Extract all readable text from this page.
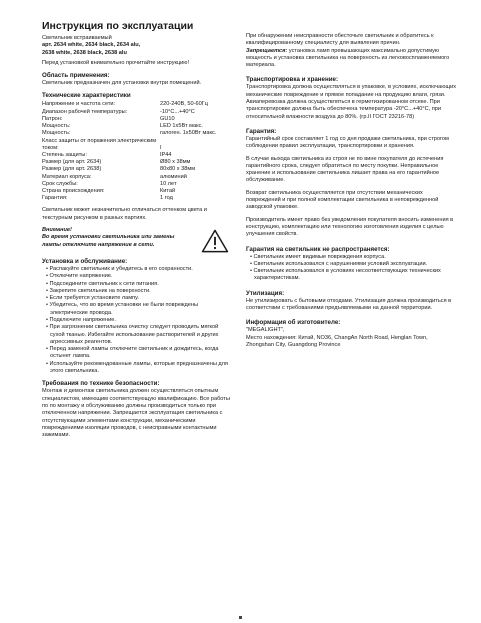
Инструкция по эксплуатации

Светильник встраиваемый

арт. 2634 white, 2634 black, 2634 alu,

2638 white, 2638 black, 2638 alu

Перед установкой внимательно прочитайте инструкцию!

Область применения:

Светильник предназначен для установки внутри помещений.

Технические характеристики

Напряжение и частота сети:	220-240В, 50-60Гц
Диапазон рабочей температуры:	-10°С...+40°С
Патрон:	GU10
Мощность:	LED 1х5Вт макс.
Мощность:	галоген. 1х50Вт макс.
Класс защиты от поражения электрическим током:	I
Степень защиты:	IP44
Размер (для арт. 2634)	Ø80 х 38мм
Размер (для арт. 2638)	80х80 х 38мм
Материал корпуса:	алюминий
Срок службы:	10 лет
Страна происхождения:	Китай
Гарантия:	1 год

Светильник может незначительно отличаться оттенком цвета и текстурным рисунком в разных партиях.

Внимание!

Во время установки светильника или замены лампы отключите напряжение в сети.

Установка и обслуживание:

• Распакуйте светильник и убедитесь в его сохранности.
• Отключите напряжение.
• Подсоедините светильник к сети питания.
• Закрепите светильник на поверхности.
• Если требуется установите лампу.
• Убедитесь, что во время установки не были повреждены электрические провода.
• Подключите напряжение.
• При загрязнении светильника очистку следует проводить мягкой сухой тканью. Избегайте использование растворителей и других агрессивных реагентов.
• Перед заменой лампы отключите светильник и дождитесь, когда остынет лампа.
• Используйте рекомендованные лампы, которые предназначены для этого светильника.

Требования по технике безопасности:

Монтаж и демонтаж светильника должен осуществляться опытным специалистом, имеющим соответствующую квалификацию. Все работы по по монтажу и обслуживанию должны производиться только при отключенном напряжении. Запрещается эксплуатация светильника с отсутствующими элементами конструкции, механическими повреждениями изоляции проводов, с неисправными контактными зажимами.

При обнаружении неисправности обесточьте светильник и обратитесь к квалифицированному специалисту для выявления причин.

Запрещается: установка ламп превышающих максимально допустимую мощность и установка светильника на поверхность из легковоспламеняемого материала.

Транспортировка и хранение:

Транспортировка должна осуществляться в упаковке, в условиях, исключающих механические повреждение и прямое попадание на продукцию влаги, грязи. Авиаперевозка должна осуществляться в герметизированном отсеке. При транспортировке должна быть обеспечена температура -20°С...+40°С, при относительной влажности воздуха до 80%. (гр.II ГОСТ 23216-78)

Гарантия:

Гарантийный срок составляет 1 год со дня продажи светильника, при строгом соблюдении правил эксплуатации, транспортировки и хранения.

В случае выхода светильника из строя не по вине покупателя до истечения гарантийного срока, следует обратиться по месту покупки. Неправильное хранение и использование светильника лишает права на его гарантийное обслуживание.

Возврат светильника осуществляется при отсутствии механических повреждений и при полной комплектации светильника в неповрежденной заводской упаковке.

Производитель имеет право без уведомления покупателя вносить изменения в конструкцию, комплектацию или технологию изготовления изделия с целью улучшения свойств.

Гарантия на светильник не распространяется:

• Светильник имеет видимые повреждения корпуса.
• Светильник использовался с нарушениями условий эксплуатации.
• Светильник использовался в условиях несоответствующих технических характеристикам.

Утилизация:

Не утилизировать с бытовыми отходами. Утилизация должна производиться в соответствии с требованиями предъявляемыми на данной территории.

Информация об изготовителе:

"MEGALIGHT",

Место нахождения: Китай, NO36, ChangAn North Road, Henglan Town, Zhongshan City, Guangdong Province
